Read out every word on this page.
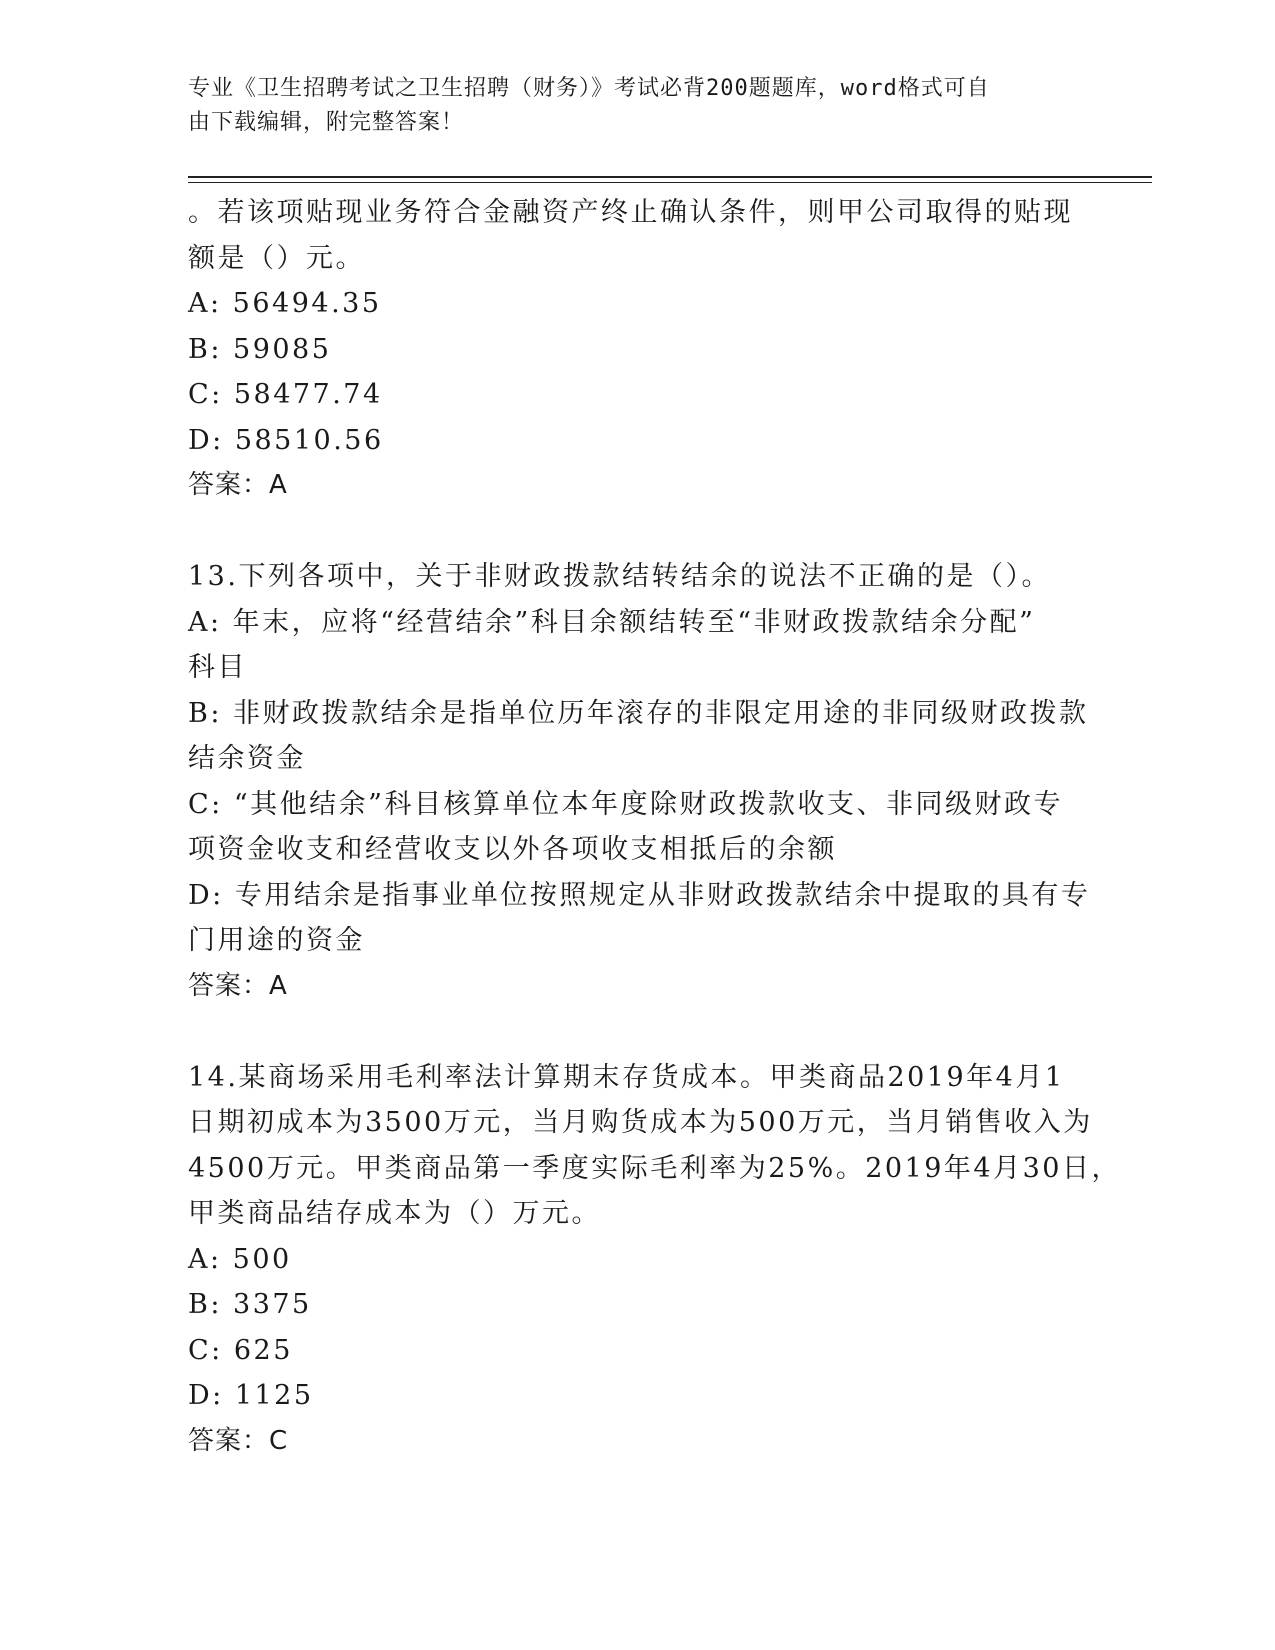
专业《卫生招聘考试之卫生招聘（财务）》考试必背200题题库，word格式可自
由下载编辑，附完整答案！
。若该项贴现业务符合金融资产终止确认条件，则甲公司取得的贴现
额是（）元。
A: 56494.35
B: 59085
C: 58477.74
D: 58510.56
答案：A
13.下列各项中，关于非财政拨款结转结余的说法不正确的是（）。
A: 年末，应将“经营结余”科目余额结转至“非财政拨款结余分配”
科目
B: 非财政拨款结余是指单位历年滚存的非限定用途的非同级财政拨款
结余资金
C: “其他结余”科目核算单位本年度除财政拨款收支、非同级财政专
项资金收支和经营收支以外各项收支相抵后的余额
D: 专用结余是指事业单位按照规定从非财政拨款结余中提取的具有专
门用途的资金
答案：A
14.某商场采用毛利率法计算期末存货成本。甲类商品2019年4月1
日期初成本为3500万元，当月购货成本为500万元，当月销售收入为
4500万元。甲类商品第一季度实际毛利率为25%。2019年4月30日，
甲类商品结存成本为（）万元。
A: 500
B: 3375
C: 625
D: 1125
答案：C
